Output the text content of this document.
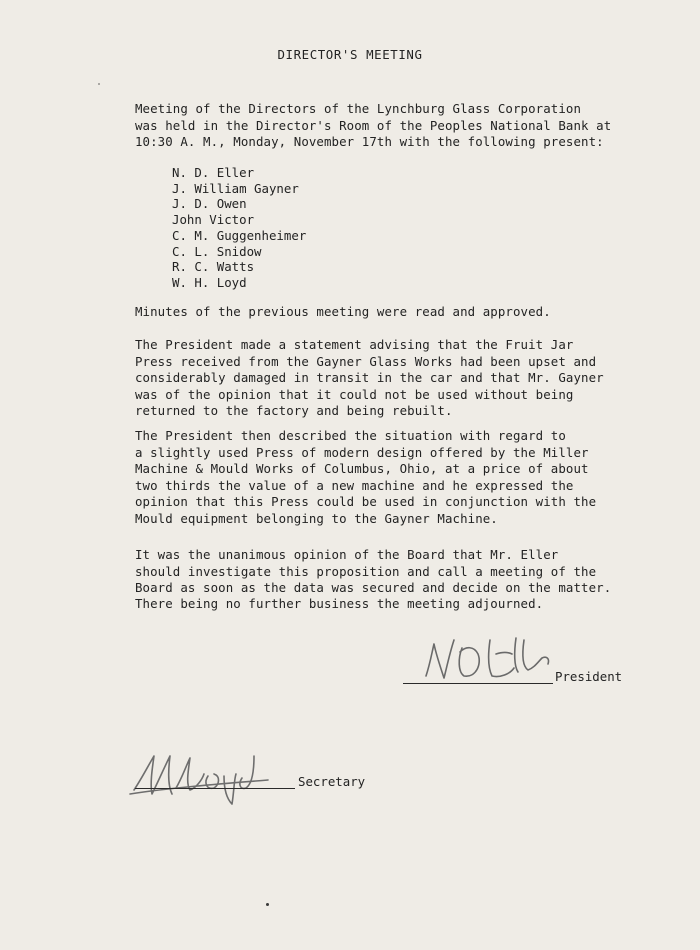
DIRECTOR'S MEETING
Meeting of the Directors of the Lynchburg Glass Corporation
was held in the Director's Room of the Peoples National Bank at
10:30 A. M., Monday, November 17th with the following present:
N. D. Eller
J. William Gayner
J. D. Owen
John Victor
C. M. Guggenheimer
C. L. Snidow
R. C. Watts
W. H. Loyd
Minutes of the previous meeting were read and approved.
The President made a statement advising that the Fruit Jar
Press received from the Gayner Glass Works had been upset and
considerably damaged in transit in the car and that Mr. Gayner
was of the opinion that it could not be used without being
returned to the factory and being rebuilt.
The President then described the situation with regard to
a slightly used Press of modern design offered by the Miller
Machine & Mould Works of Columbus, Ohio, at a price of about
two thirds the value of a new machine and he expressed the
opinion that this Press could be used in conjunction with the
Mould equipment belonging to the Gayner Machine.
It was the unanimous opinion of the Board that Mr. Eller
should investigate this proposition and call a meeting of the
Board as soon as the data was secured and decide on the matter.
There being no further business the meeting adjourned.
President
Secretary
